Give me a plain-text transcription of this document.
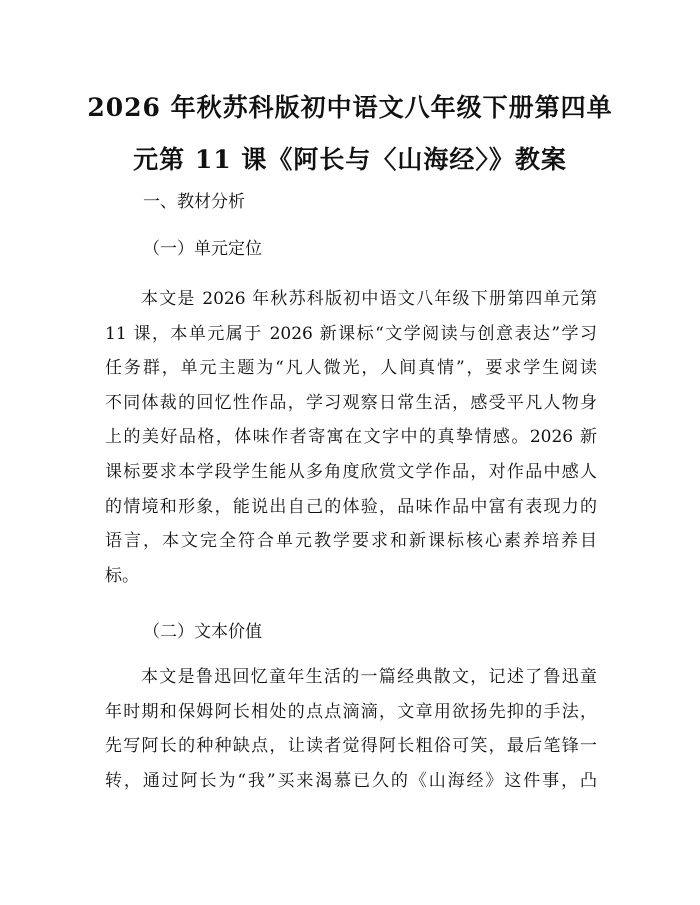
2026 年秋苏科版初中语文八年级下册第四单
元第 11 课《阿长与〈山海经〉》教案

一、教材分析

（一）单元定位

本文是 2026 年秋苏科版初中语文八年级下册第四单元第
11 课，本单元属于 2026 新课标“文学阅读与创意表达”学习
任务群，单元主题为“凡人微光，人间真情”，要求学生阅读
不同体裁的回忆性作品，学习观察日常生活，感受平凡人物身
上的美好品格，体味作者寄寓在文字中的真挚情感。2026 新
课标要求本学段学生能从多角度欣赏文学作品，对作品中感人
的情境和形象，能说出自己的体验，品味作品中富有表现力的
语言，本文完全符合单元教学要求和新课标核心素养培养目
标。

（二）文本价值

本文是鲁迅回忆童年生活的一篇经典散文，记述了鲁迅童
年时期和保姆阿长相处的点点滴滴，文章用欲扬先抑的手法，
先写阿长的种种缺点，让读者觉得阿长粗俗可笑，最后笔锋一
转，通过阿长为“我”买来渴慕已久的《山海经》这件事，凸
